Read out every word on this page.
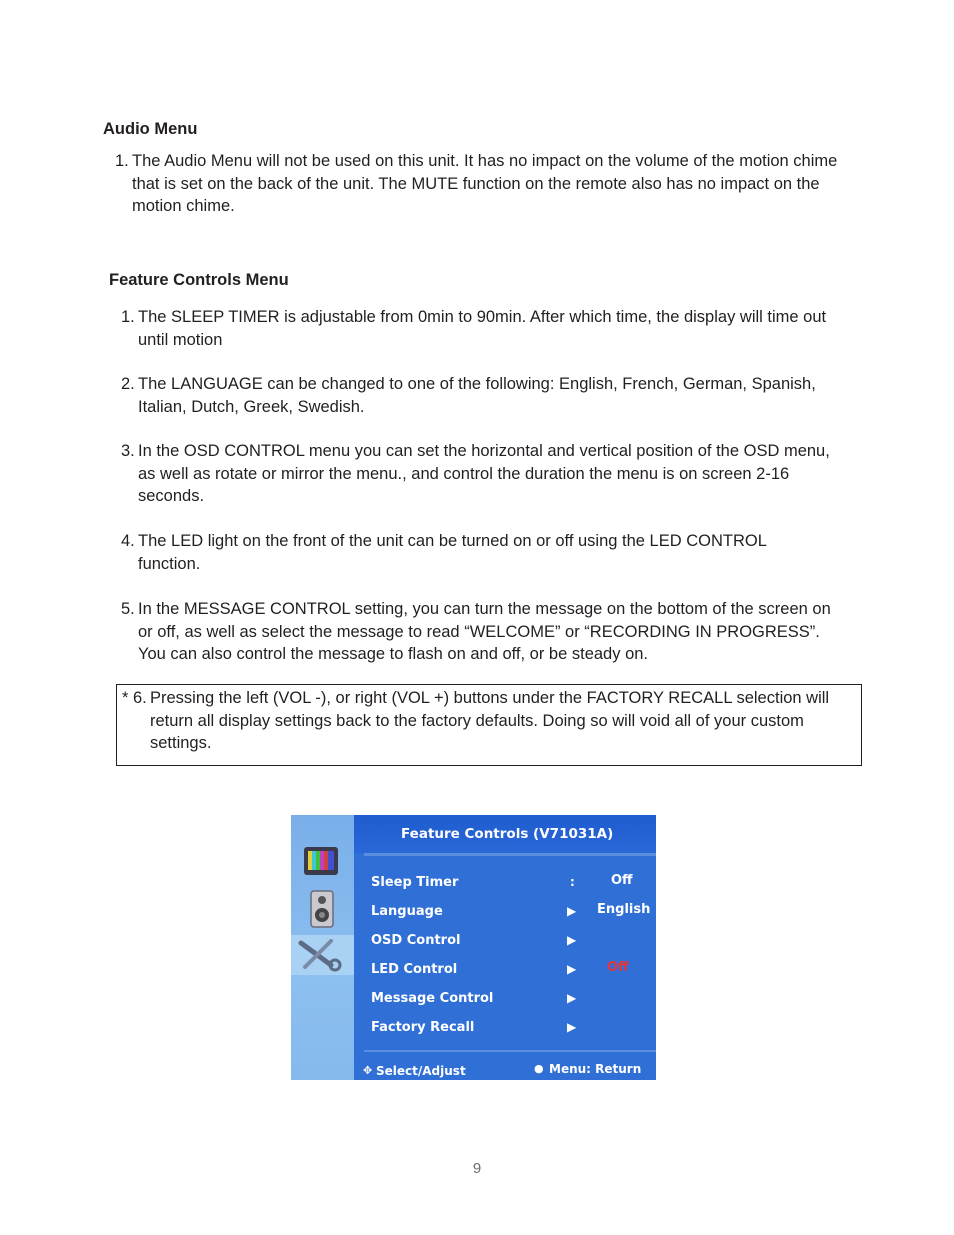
Audio Menu
1. The Audio Menu will not be used on this unit. It has no impact on the volume of the motion chime that is set on the back of the unit. The MUTE function on the remote also has no impact on the motion chime.
Feature Controls Menu
1. The SLEEP TIMER is adjustable from 0min to 90min. After which time, the display will time out until motion
2. The LANGUAGE can be changed to one of the following: English, French, German, Spanish, Italian, Dutch, Greek, Swedish.
3. In the OSD CONTROL menu you can set the horizontal and vertical position of the OSD menu, as well as rotate or mirror the menu., and control the duration the menu is on screen 2-16 seconds.
4. The LED light on the front of the unit can be turned on or off using the LED CONTROL function.
5. In the MESSAGE CONTROL setting, you can turn the message on the bottom of the screen on or off, as well as select the message to read “WELCOME” or “RECORDING IN PROGRESS”. You can also control the message to flash on and off, or be steady on.
* 6. Pressing the left (VOL -), or right (VOL +) buttons under the FACTORY RECALL selection will return all display settings back to the factory defaults. Doing so will void all of your custom settings.
Feature Controls (V71031A)
Sleep Timer	:	Off
Language	▶ English
OSD Control	▶
LED Control	▶ Off
Message Control	▶
Factory Recall	▶
✥ Select/Adjust	● Menu: Return
9
